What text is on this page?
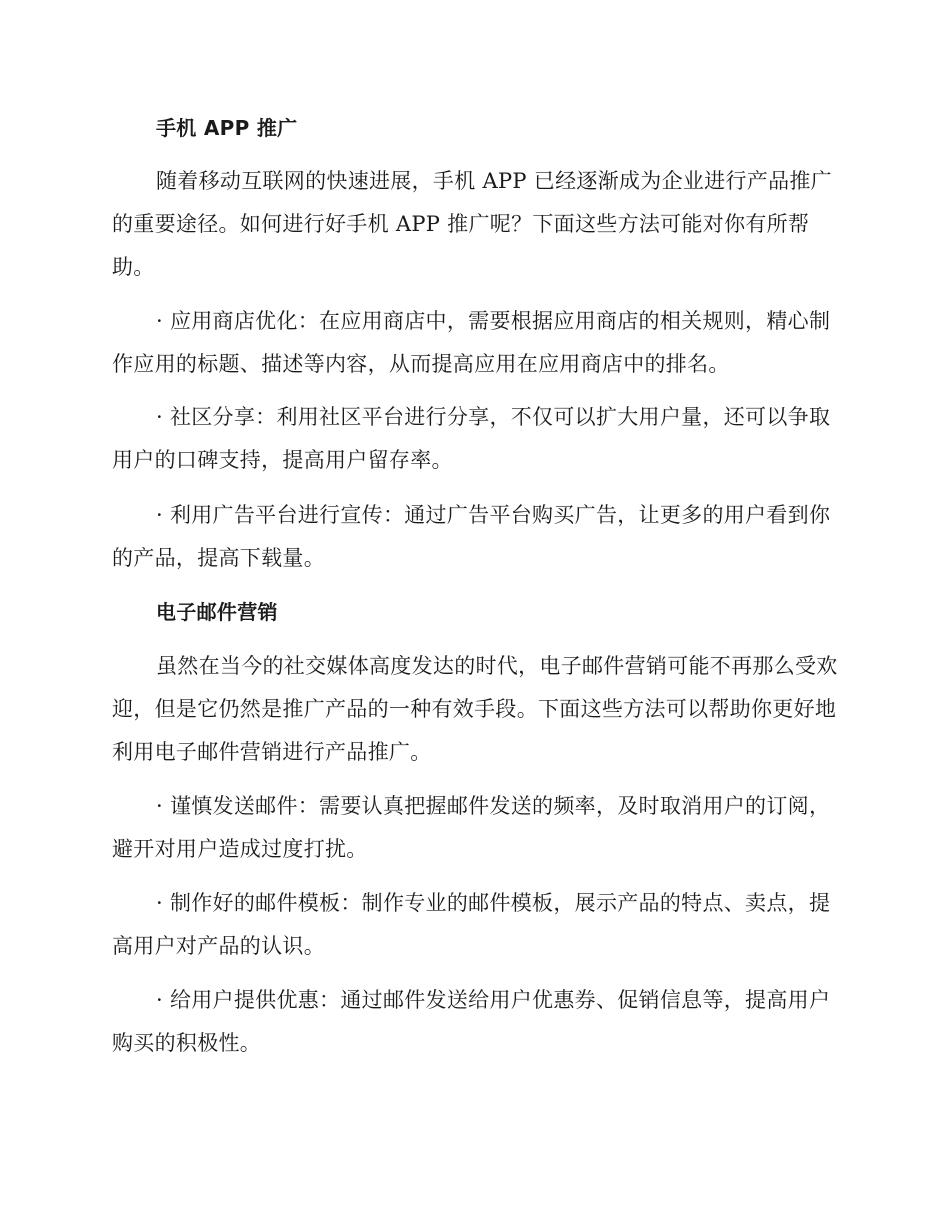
手机 APP 推广

随着移动互联网的快速进展，手机 APP 已经逐渐成为企业进行产品推广的重要途径。如何进行好手机 APP 推广呢？下面这些方法可能对你有所帮助。

· 应用商店优化：在应用商店中，需要根据应用商店的相关规则，精心制作应用的标题、描述等内容，从而提高应用在应用商店中的排名。

· 社区分享：利用社区平台进行分享，不仅可以扩大用户量，还可以争取用户的口碑支持，提高用户留存率。

· 利用广告平台进行宣传：通过广告平台购买广告，让更多的用户看到你的产品，提高下载量。

电子邮件营销

虽然在当今的社交媒体高度发达的时代，电子邮件营销可能不再那么受欢迎，但是它仍然是推广产品的一种有效手段。下面这些方法可以帮助你更好地利用电子邮件营销进行产品推广。

· 谨慎发送邮件：需要认真把握邮件发送的频率，及时取消用户的订阅，避开对用户造成过度打扰。

· 制作好的邮件模板：制作专业的邮件模板，展示产品的特点、卖点，提高用户对产品的认识。

· 给用户提供优惠：通过邮件发送给用户优惠券、促销信息等，提高用户购买的积极性。
